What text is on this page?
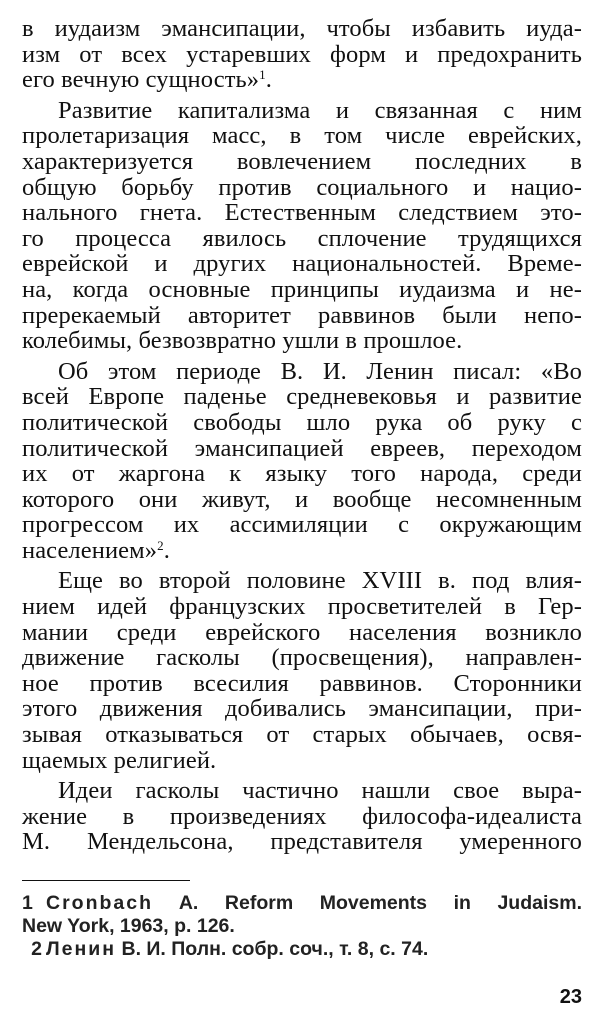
в иудаизм эмансипации, чтобы избавить иуда-
изм от всех устаревших форм и предохранить
его вечную сущность»$^1$.

Развитие капитализма и связанная с ним
пролетаризация масс, в том числе еврейских,
характеризуется вовлечением последних в
общую борьбу против социального и нацио-
нального гнета. Естественным следствием это-
го процесса явилось сплочение трудящихся
еврейской и других национальностей. Време-
на, когда основные принципы иудаизма и не-
пререкаемый авторитет раввинов были непо-
колебимы, безвозвратно ушли в прошлое.

Об этом периоде В. И. Ленин писал: «Во
всей Европе паденье средневековья и развитие
политической свободы шло рука об руку с
политической эмансипацией евреев, переходом
их от жаргона к языку того народа, среди
которого они живут, и вообще несомненным
прогрессом их ассимиляции с окружающим
населением»$^2$.

Еще во второй половине XVIII в. под влия-
нием идей французских просветителей в Гер-
мании среди еврейского населения возникло
движение гасколы (просвещения), направлен-
ное против всесилия раввинов. Сторонники
этого движения добивались эмансипации, при-
зывая отказываться от старых обычаев, освя-
щаемых религией.

Идеи гасколы частично нашли свое выра-
жение в произведениях философа-идеалиста
М. Мендельсона, представителя умеренного

1 Cronbach A. Reform Movements in Judaism.
New York, 1963, p. 126.
2 Ленин В. И. Полн. собр. соч., т. 8, с. 74.
23
